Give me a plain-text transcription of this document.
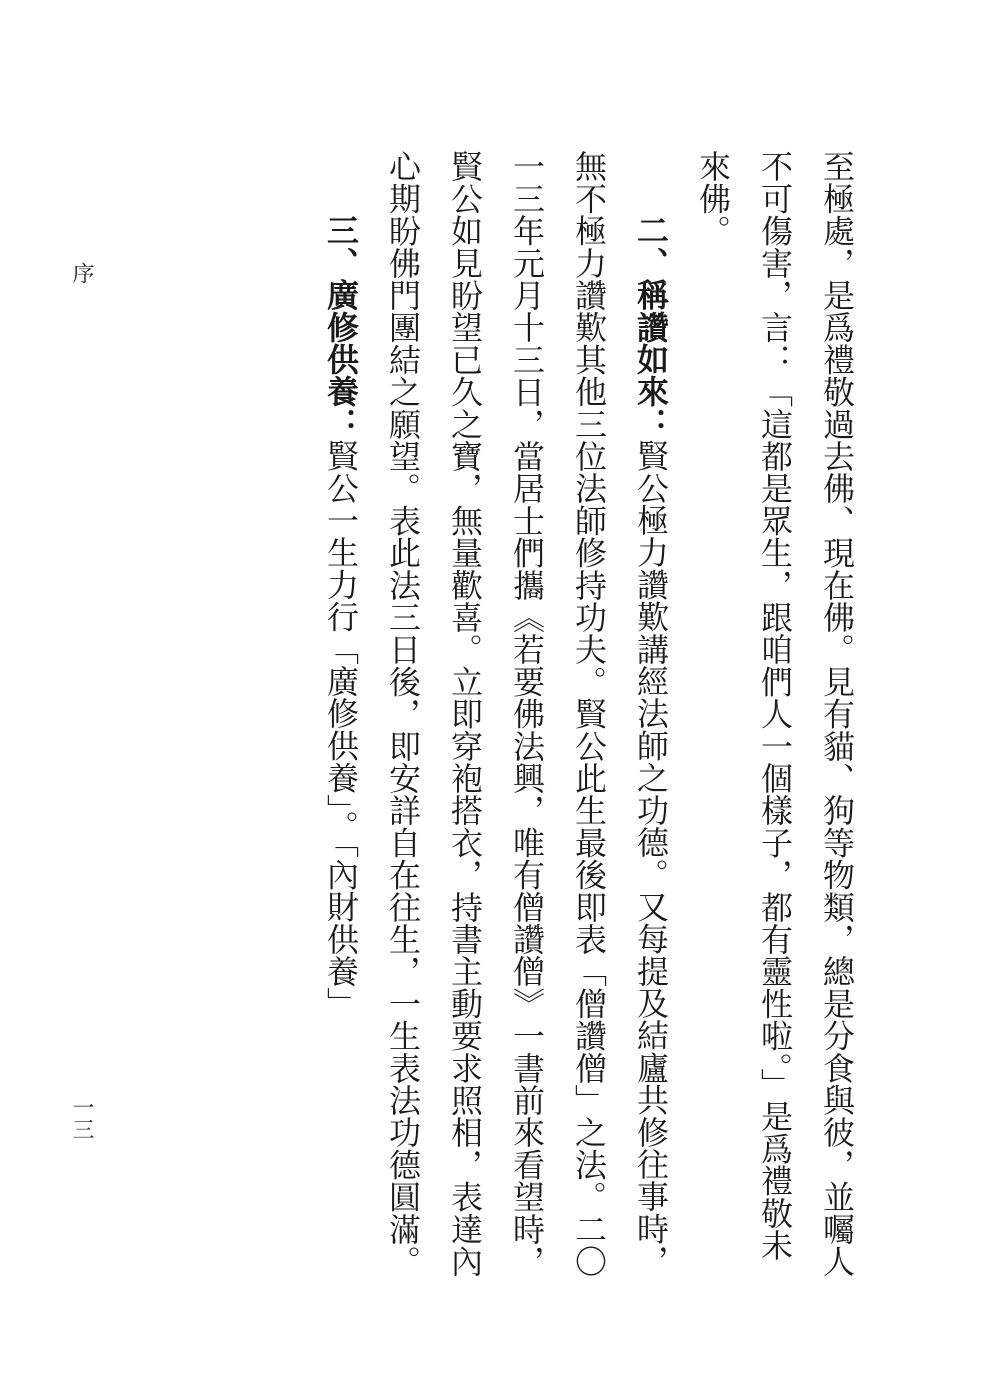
至極處，是爲禮敬過去佛、現在佛。見有貓、狗等物類，總是分食與彼，並囑人不可傷害，言：「這都是眾生，跟咱們人一個樣子，都有靈性啦。」是爲禮敬未來佛。

二、稱讚如來：賢公極力讚歎講經法師之功德。又每提及結廬共修往事時，無不極力讚歎其他三位法師修持功夫。賢公此生最後即表「僧讚僧」之法。二〇一三年元月十三日，當居士們攜《若要佛法興，唯有僧讚僧》一書前來看望時，賢公如見盼望已久之寶，無量歡喜。立即穿袍搭衣，持書主動要求照相，表達內心期盼佛門團結之願望。表此法三日後，即安詳自在往生，一生表法功德圓滿。

三、廣修供養：賢公一生力行「廣修供養」。「內財供養」

序
一三
